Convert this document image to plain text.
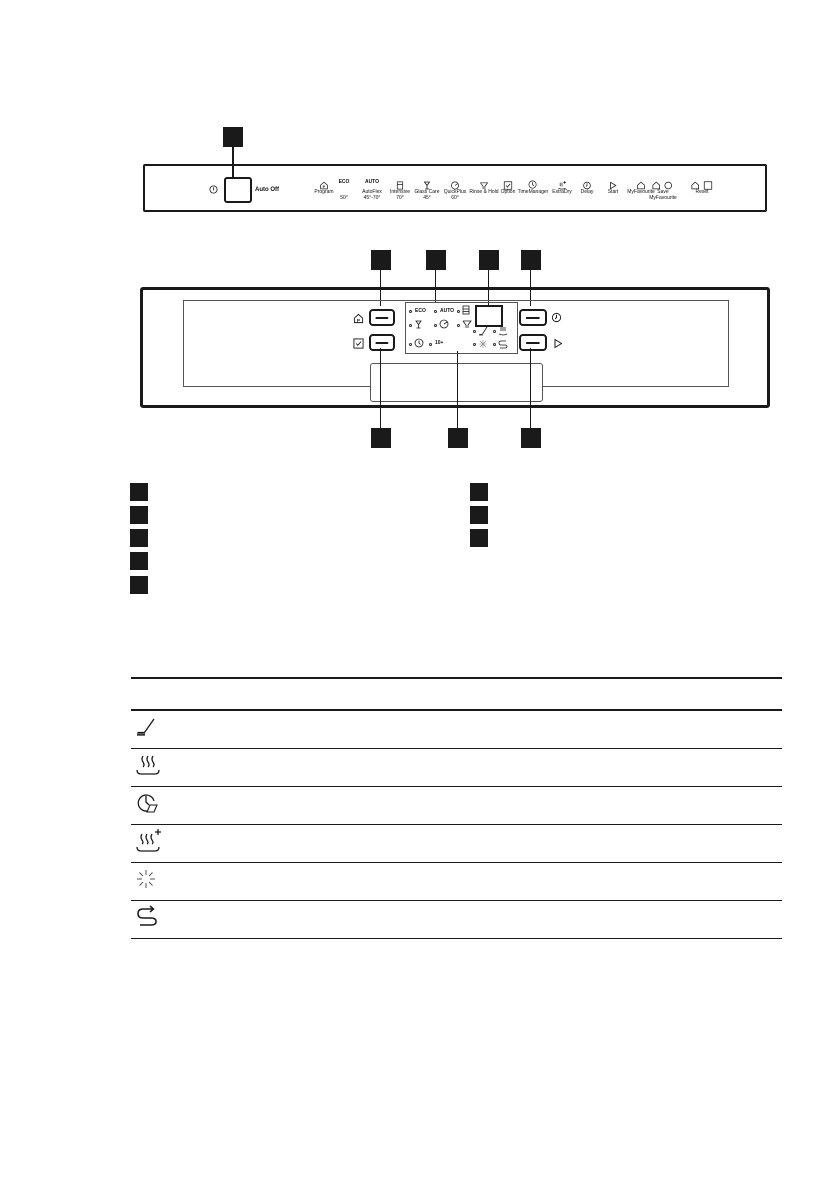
Auto Off	P
Program
ECO
50°
AUTO
AutoFlex
45°-70°
Intensive
70°
Glass Care
45°
QuickPlus
60°
Rinse & Hold Option TimeManager ExtraDry Delay	Start MyFavourite Save
MyFavourite
Reset
P
ECO	AUTO
10+
